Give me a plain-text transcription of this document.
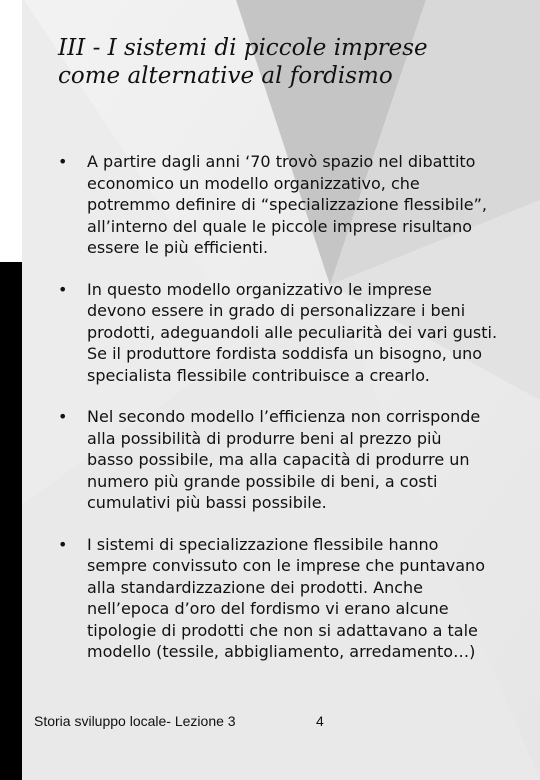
III - I sistemi di piccole imprese
come alternative al fordismo
• A partire dagli anni ‘70 trovò spazio nel dibattito
economico un modello organizzativo, che
potremmo definire di “specializzazione flessibile”,
all’interno del quale le piccole imprese risultano
essere le più efficienti.
• In questo modello organizzativo le imprese
devono essere in grado di personalizzare i beni
prodotti, adeguandoli alle peculiarità dei vari gusti.
Se il produttore fordista soddisfa un bisogno, uno
specialista flessibile contribuisce a crearlo.
• Nel secondo modello l’efficienza non corrisponde
alla possibilità di produrre beni al prezzo più
basso possibile, ma alla capacità di produrre un
numero più grande possibile di beni, a costi
cumulativi più bassi possibile.
• I sistemi di specializzazione flessibile hanno
sempre convissuto con le imprese che puntavano
alla standardizzazione dei prodotti. Anche
nell’epoca d’oro del fordismo vi erano alcune
tipologie di prodotti che non si adattavano a tale
modello (tessile, abbigliamento, arredamento…)
Storia sviluppo locale- Lezione 3	4
